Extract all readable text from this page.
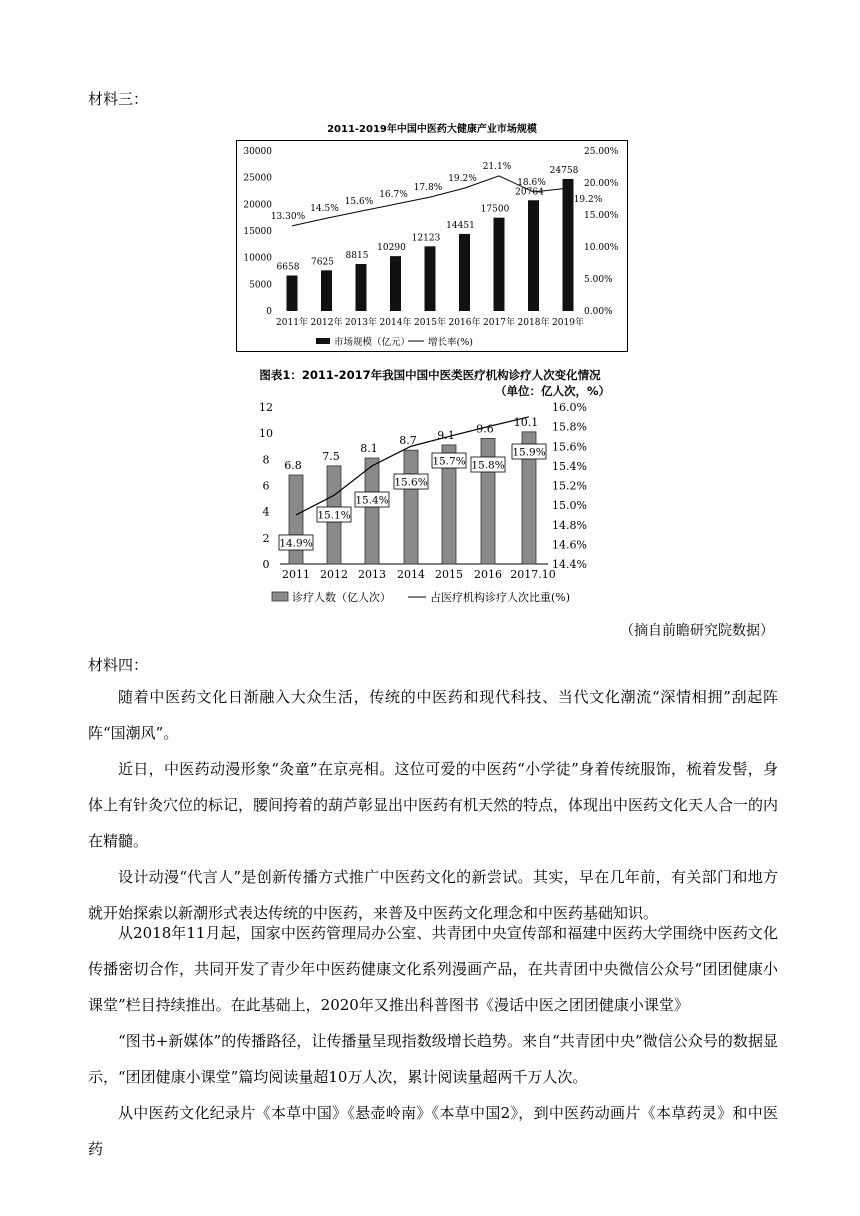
材料三：
2011-2019年中国中医药大健康产业市场规模
0
5000
10000
15000
20000
25000
30000
0.00%
5.00%
10.00%
15.00%
20.00%
25.00%
6658
7625
8815
10290
12123
14451
17500
20764
24758
2011年 2012年 2013年 2014年 2015年 2016年 2017年 2018年 2019年
13.30%
14.5%
15.6%
16.7%
17.8%
19.2%
21.1%
18.6%
19.2%
市场规模（亿元） 增长率(%)
图表1：2011-2017年我国中国中医类医疗机构诊疗人次变化情况
（单位：亿人次，%）
0
2
4
6
8
10
12
14.4%
14.6%
14.8%
15.0%
15.2%
15.4%
15.6%
15.8%
16.0%
6.8
7.5
8.1
8.7 9.1
9.6
10.1
2011 2012 2013 2014 2015 2016 2017.10
14.9%
15.1%
15.4%
15.6%
15.7% 15.8%
15.9%
诊疗人数（亿人次）	占医疗机构诊疗人次比重(%)
（摘自前瞻研究院数据）
材料四：
随着中医药文化日渐融入大众生活，传统的中医药和现代科技、当代文化潮流“深情相拥”刮起阵阵“国潮风”。
近日，中医药动漫形象“灸童”在京亮相。这位可爱的中医药“小学徒”身着传统服饰，梳着发髻，身体上有针灸穴位的标记，腰间挎着的葫芦彰显出中医药有机天然的特点，体现出中医药文化天人合一的内在精髓。
设计动漫“代言人”是创新传播方式推广中医药文化的新尝试。其实，早在几年前，有关部门和地方就开始探索以新潮形式表达传统的中医药，来普及中医药文化理念和中医药基础知识。
从2018年11月起，国家中医药管理局办公室、共青团中央宣传部和福建中医药大学围绕中医药文化传播密切合作，共同开发了青少年中医药健康文化系列漫画产品，在共青团中央微信公众号“团团健康小课堂”栏目持续推出。在此基础上，2020年又推出科普图书《漫话中医之团团健康小课堂》
“图书+新媒体”的传播路径，让传播量呈现指数级增长趋势。来自“共青团中央”微信公众号的数据显示，“团团健康小课堂”篇均阅读量超10万人次，累计阅读量超两千万人次。
从中医药文化纪录片《本草中国》《悬壶岭南》《本草中国2》，到中医药动画片《本草药灵》和中医药
